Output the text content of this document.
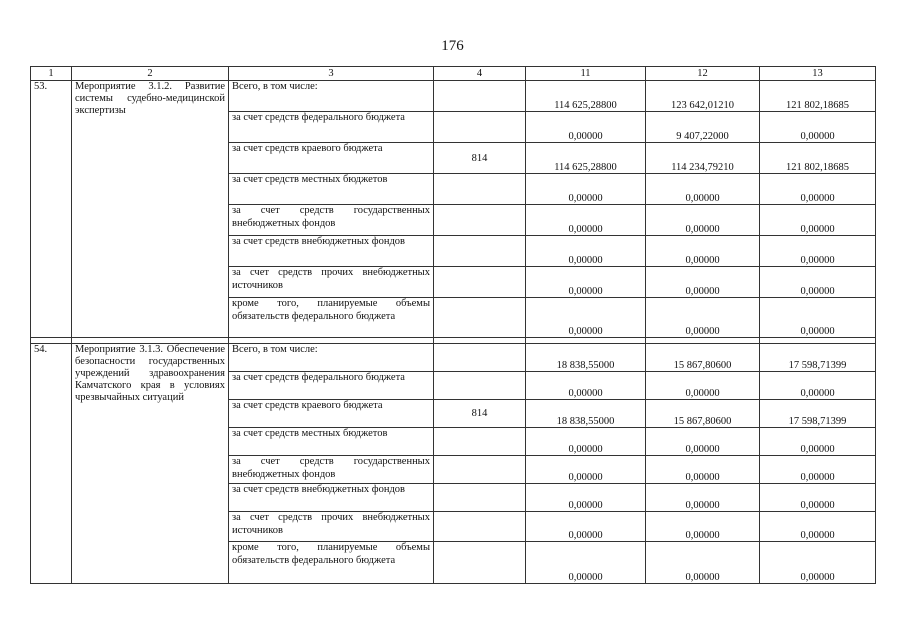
176
1	2	3	4	11	12	13
53.	Мероприятие 3.1.2. Развитие системы судебно-медицинской экспертизы	Всего, в том числе:		114 625,28800	123 642,01210	121 802,18685
		за счет средств федерального бюджета		0,00000	9 407,22000	0,00000
		за счет средств краевого бюджета	814	114 625,28800	114 234,79210	121 802,18685
		за счет средств местных бюджетов		0,00000	0,00000	0,00000
		за счет средств государственных внебюджетных фондов		0,00000	0,00000	0,00000
		за счет средств внебюджетных фондов		0,00000	0,00000	0,00000
		за счет средств прочих внебюджетных источников		0,00000	0,00000	0,00000
		кроме того, планируемые объемы обязательств федерального бюджета		0,00000	0,00000	0,00000

54.	Мероприятие 3.1.3. Обеспечение безопасности государственных учреждений здравоохранения Камчатского края в условиях чрезвычайных ситуаций	Всего, в том числе:		18 838,55000	15 867,80600	17 598,71399
		за счет средств федерального бюджета		0,00000	0,00000	0,00000
		за счет средств краевого бюджета	814	18 838,55000	15 867,80600	17 598,71399
		за счет средств местных бюджетов		0,00000	0,00000	0,00000
		за счет средств государственных внебюджетных фондов		0,00000	0,00000	0,00000
		за счет средств внебюджетных фондов		0,00000	0,00000	0,00000
		за счет средств прочих внебюджетных источников		0,00000	0,00000	0,00000
		кроме того, планируемые объемы обязательств федерального бюджета		0,00000	0,00000	0,00000
